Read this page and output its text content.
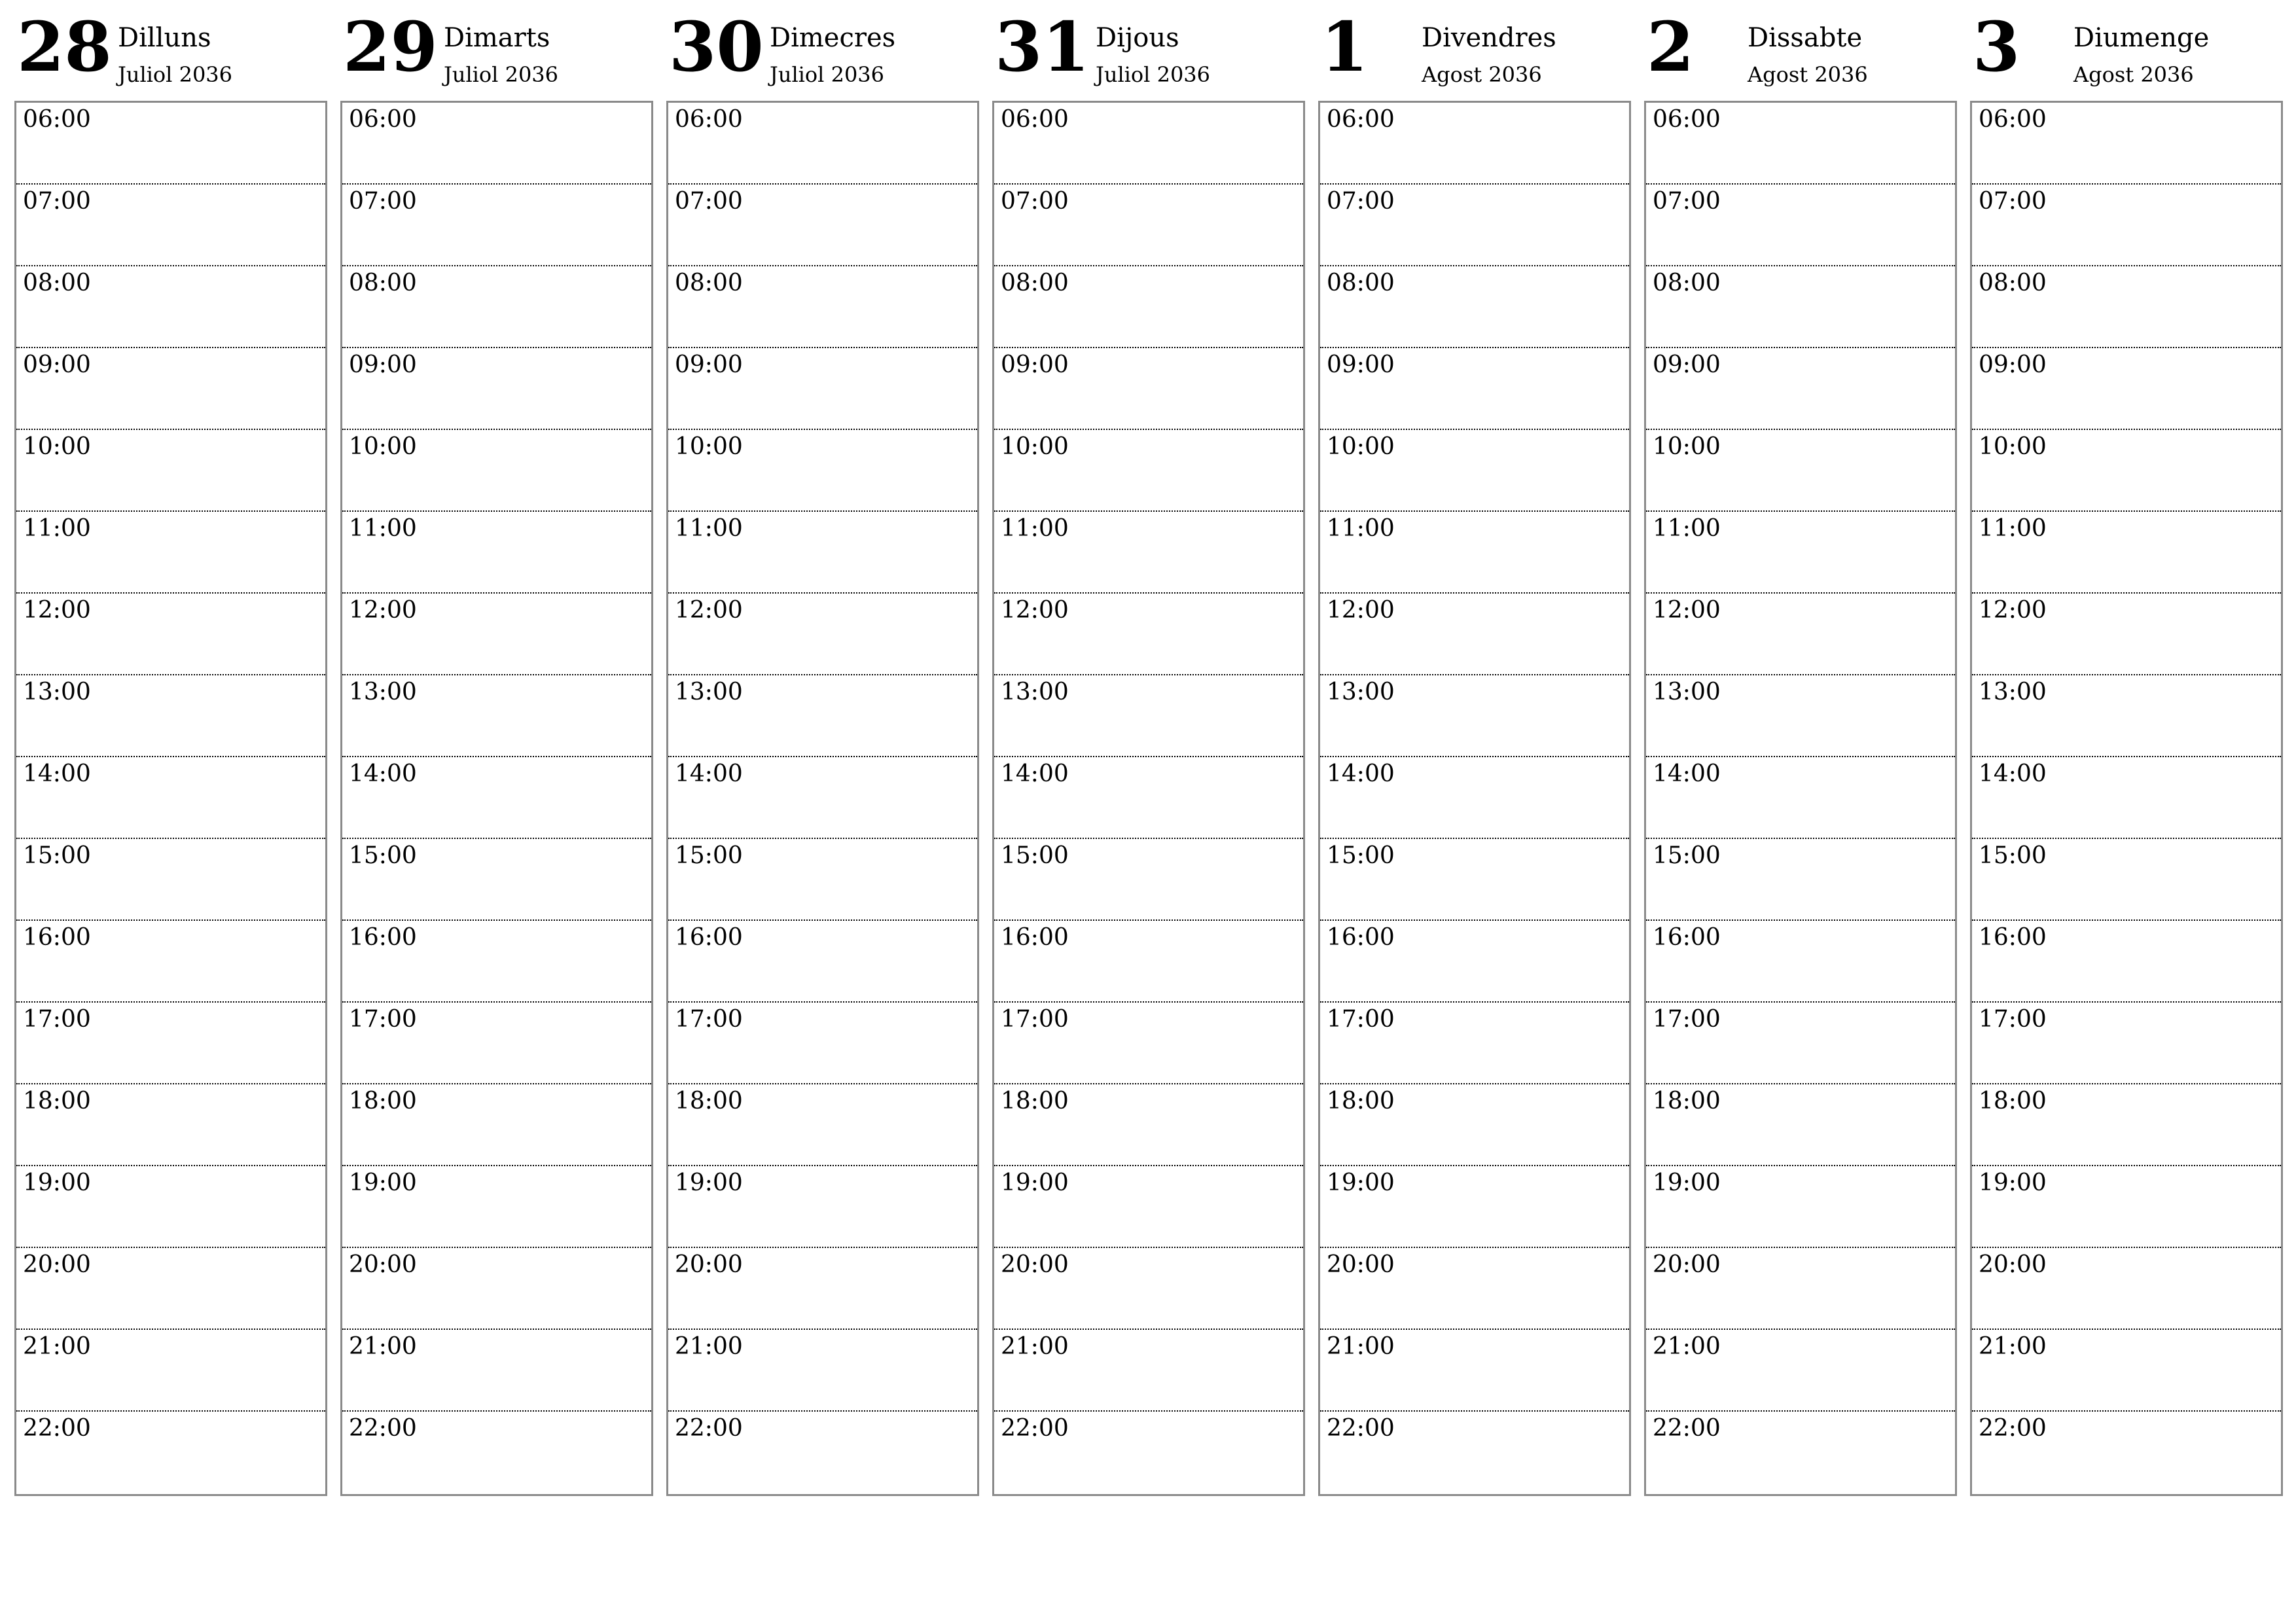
28 Dilluns
Juliol 2036
06:00
07:00
08:00
09:00
10:00
11:00
12:00
13:00
14:00
15:00
16:00
17:00
18:00
19:00
20:00
21:00
22:00
29 Dimarts
Juliol 2036
06:00
07:00
08:00
09:00
10:00
11:00
12:00
13:00
14:00
15:00
16:00
17:00
18:00
19:00
20:00
21:00
22:00
30 Dimecres
Juliol 2036
06:00
07:00
08:00
09:00
10:00
11:00
12:00
13:00
14:00
15:00
16:00
17:00
18:00
19:00
20:00
21:00
22:00
31 Dijous
Juliol 2036
06:00
07:00
08:00
09:00
10:00
11:00
12:00
13:00
14:00
15:00
16:00
17:00
18:00
19:00
20:00
21:00
22:00
1 Divendres
Agost 2036
06:00
07:00
08:00
09:00
10:00
11:00
12:00
13:00
14:00
15:00
16:00
17:00
18:00
19:00
20:00
21:00
22:00
2 Dissabte
Agost 2036
06:00
07:00
08:00
09:00
10:00
11:00
12:00
13:00
14:00
15:00
16:00
17:00
18:00
19:00
20:00
21:00
22:00
3 Diumenge
Agost 2036
06:00
07:00
08:00
09:00
10:00
11:00
12:00
13:00
14:00
15:00
16:00
17:00
18:00
19:00
20:00
21:00
22:00
